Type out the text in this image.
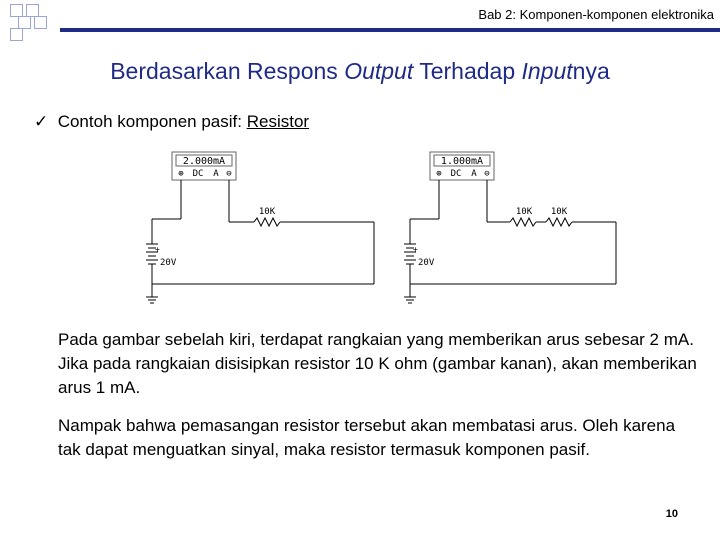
Bab 2: Komponen-komponen elektronika
Berdasarkan Respons Output Terhadap Inputnya
✓ Contoh komponen pasif: Resistor
2.000mA
⊕ DC A ⊖
10K
+
20V
1.000mA
⊕ DC A ⊖
10K 10K
+
20V
Pada gambar sebelah kiri, terdapat rangkaian yang memberikan arus sebesar 2 mA. Jika pada rangkaian disisipkan resistor 10 K ohm (gambar kanan), akan memberikan arus 1 mA.
Nampak bahwa pemasangan resistor tersebut akan membatasi arus. Oleh karena tak dapat menguatkan sinyal, maka resistor termasuk komponen pasif.
10
